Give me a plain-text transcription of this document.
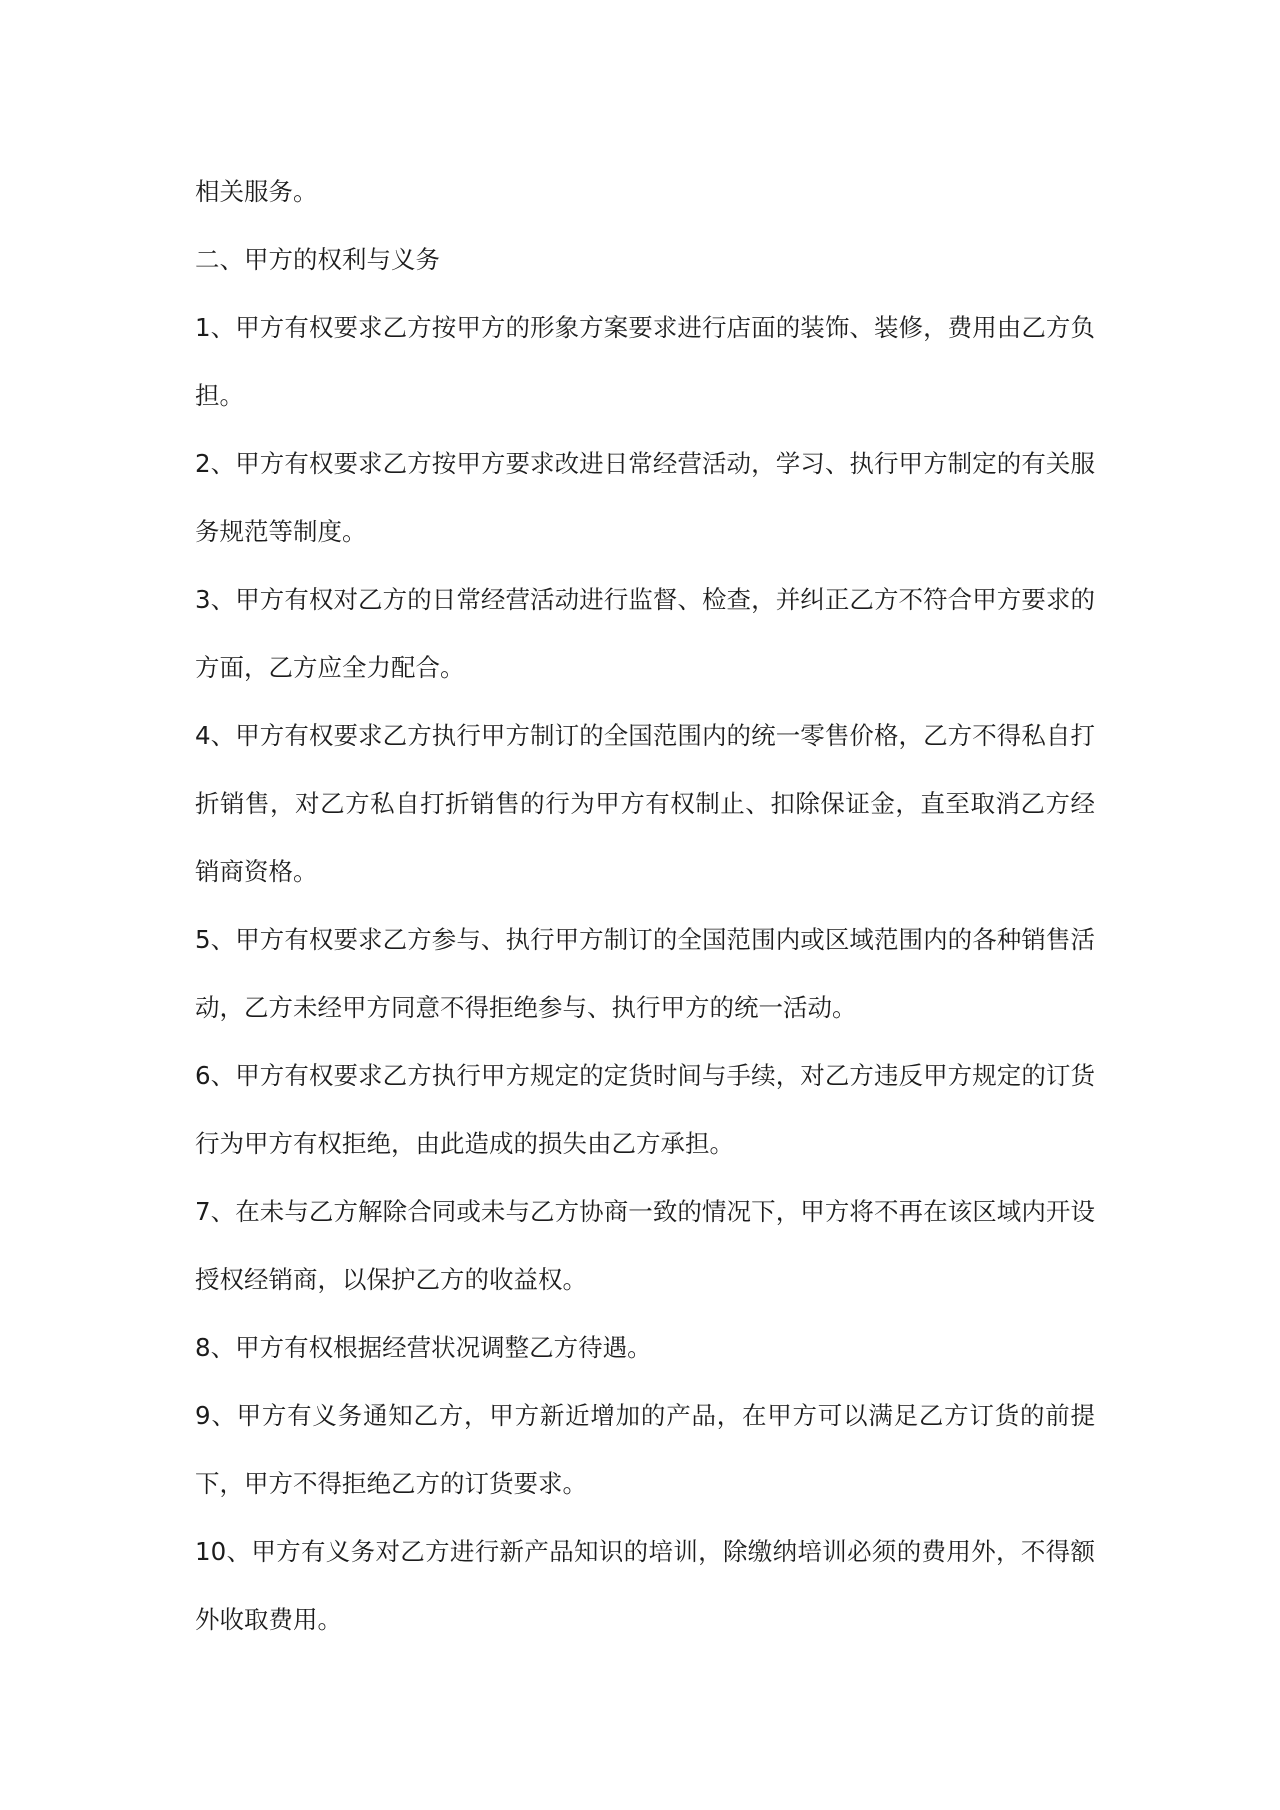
相关服务。

二、甲方的权利与义务

1、甲方有权要求乙方按甲方的形象方案要求进行店面的装饰、装修，费用由乙方负担。

2、甲方有权要求乙方按甲方要求改进日常经营活动，学习、执行甲方制定的有关服务规范等制度。

3、甲方有权对乙方的日常经营活动进行监督、检查，并纠正乙方不符合甲方要求的方面，乙方应全力配合。

4、甲方有权要求乙方执行甲方制订的全国范围内的统一零售价格，乙方不得私自打折销售，对乙方私自打折销售的行为甲方有权制止、扣除保证金，直至取消乙方经销商资格。

5、甲方有权要求乙方参与、执行甲方制订的全国范围内或区域范围内的各种销售活动，乙方未经甲方同意不得拒绝参与、执行甲方的统一活动。

6、甲方有权要求乙方执行甲方规定的定货时间与手续，对乙方违反甲方规定的订货行为甲方有权拒绝，由此造成的损失由乙方承担。

7、在未与乙方解除合同或未与乙方协商一致的情况下，甲方将不再在该区域内开设授权经销商，以保护乙方的收益权。

8、甲方有权根据经营状况调整乙方待遇。

9、甲方有义务通知乙方，甲方新近增加的产品，在甲方可以满足乙方订货的前提下，甲方不得拒绝乙方的订货要求。

10、甲方有义务对乙方进行新产品知识的培训，除缴纳培训必须的费用外，不得额外收取费用。
